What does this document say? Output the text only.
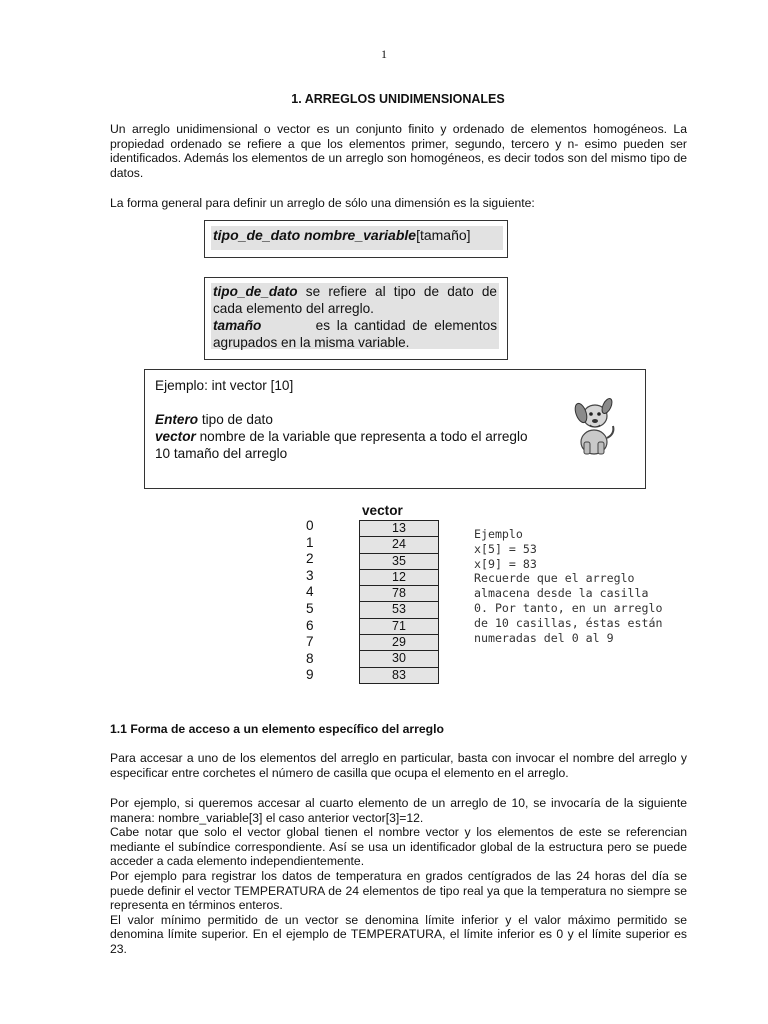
1
1. ARREGLOS UNIDIMENSIONALES

Un arreglo unidimensional o vector es un conjunto finito y ordenado de elementos homogéneos. La propiedad ordenado se refiere a que los elementos primer, segundo, tercero y n- esimo pueden ser identificados. Además los elementos de un arreglo son homogéneos, es decir todos son del mismo tipo de datos.

La forma general para definir un arreglo de sólo una dimensión es la siguiente:

tipo_de_dato nombre_variable[tamaño]

tipo_de_dato se refiere al tipo de dato de cada elemento del arreglo.

tamaño        es la cantidad de elementos agrupados en la misma variable.

Ejemplo: int vector [10]

Entero tipo de dato

vector nombre de la variable que representa a todo el arreglo

10 tamaño del arreglo

vector
0
1
2
3
4
5
6
7
8
9
13
24
35
12
78
53
71
29
30
83
Ejemplo
x[5] = 53
x[9] = 83
Recuerde que el arreglo
almacena desde la casilla
0. Por tanto, en un arreglo
de 10 casillas, éstas están
numeradas del 0 al 9
1.1 Forma de acceso a un elemento específico del arreglo

Para accesar a uno de los elementos del arreglo en particular, basta con invocar el nombre del arreglo y especificar entre corchetes el número de casilla que ocupa el elemento en el arreglo.

Por ejemplo, si queremos accesar al cuarto elemento de un arreglo de 10, se invocaría de la siguiente manera: nombre_variable[3] el caso anterior vector[3]=12.

Cabe notar que solo el vector global tienen el nombre vector y los elementos de este se referencian mediante el subíndice correspondiente. Así se usa un identificador global de la estructura pero se puede acceder a cada elemento independientemente.

Por ejemplo para registrar los datos de temperatura en grados centígrados de las 24 horas del día se puede definir el vector TEMPERATURA de 24 elementos de tipo real ya que la temperatura no siempre se representa en términos enteros.

El valor mínimo permitido de un vector se denomina límite inferior y el valor máximo permitido se denomina límite superior. En el ejemplo de TEMPERATURA, el límite inferior es 0 y el límite superior es 23.
